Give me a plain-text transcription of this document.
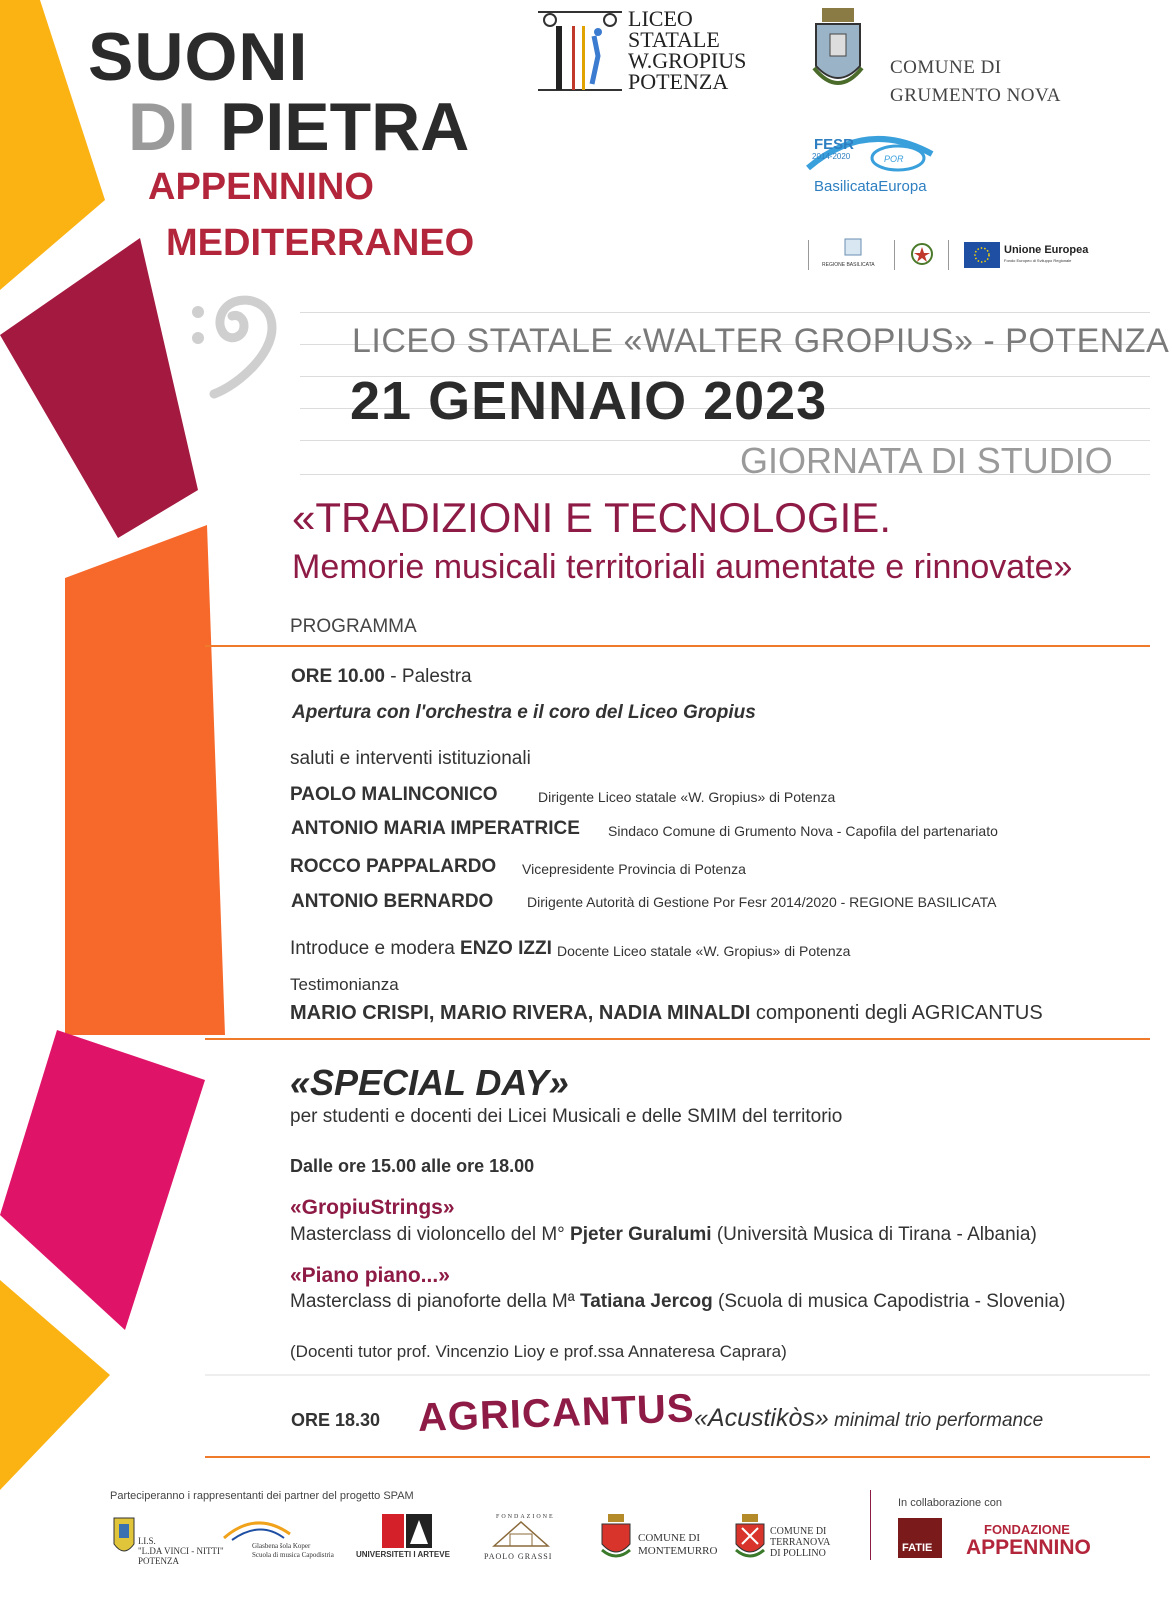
SUONI
DI PIETRA
APPENNINO
MEDITERRANEO
LICEO
STATALE
W.GROPIUS
POTENZA
COMUNE DI
GRUMENTO NOVA
FESR
2014-2020	POR
BasilicataEuropa
REGIONE BASILICATA
Unione Europea
Fondo Europeo di Sviluppo Regionale
LICEO STATALE «WALTER GROPIUS» - POTENZA
21 GENNAIO 2023
GIORNATA DI STUDIO
«TRADIZIONI E TECNOLOGIE.
Memorie musicali territoriali aumentate e rinnovate»
PROGRAMMA
ORE 10.00 - Palestra
Apertura con l'orchestra e il coro del Liceo Gropius
saluti e interventi istituzionali
PAOLO MALINCONICO	Dirigente Liceo statale «W. Gropius» di Potenza
ANTONIO MARIA IMPERATRICE Sindaco Comune di Grumento Nova - Capofila del partenariato
ROCCO PAPPALARDO Vicepresidente Provincia di Potenza
ANTONIO BERNARDO Dirigente Autorità di Gestione Por Fesr 2014/2020 - REGIONE BASILICATA
Introduce e modera ENZO IZZI Docente Liceo statale «W. Gropius» di Potenza
Testimonianza
MARIO CRISPI, MARIO RIVERA, NADIA MINALDI componenti degli AGRICANTUS
«SPECIAL DAY»
per studenti e docenti dei Licei Musicali e delle SMIM del territorio
Dalle ore 15.00 alle ore 18.00
«GropiuStrings»
Masterclass di violoncello del M° Pjeter Guralumi (Università Musica di Tirana - Albania)
«Piano piano...»
Masterclass di pianoforte della Mª Tatiana Jercog (Scuola di musica Capodistria - Slovenia)
(Docenti tutor prof. Vincenzio Lioy e prof.ssa Annateresa Caprara)
ORE 18.30 AGRICANTUS
«Acustikòs» minimal trio performance
Parteciperanno i rappresentanti dei partner del progetto SPAM
In collaborazione con
I.I.S.
"L.DA VINCI - NITTI"
POTENZA
Glasbena šola Koper
Scuola di musica Capodistria	UNIVERSITETI I ARTEVE
FONDAZIONE
PAOLO GRASSI
COMUNE DI
MONTEMURRO
COMUNE DI
TERRANOVA
DI POLLINO	FATIE
FONDAZIONE
APPENNINO
